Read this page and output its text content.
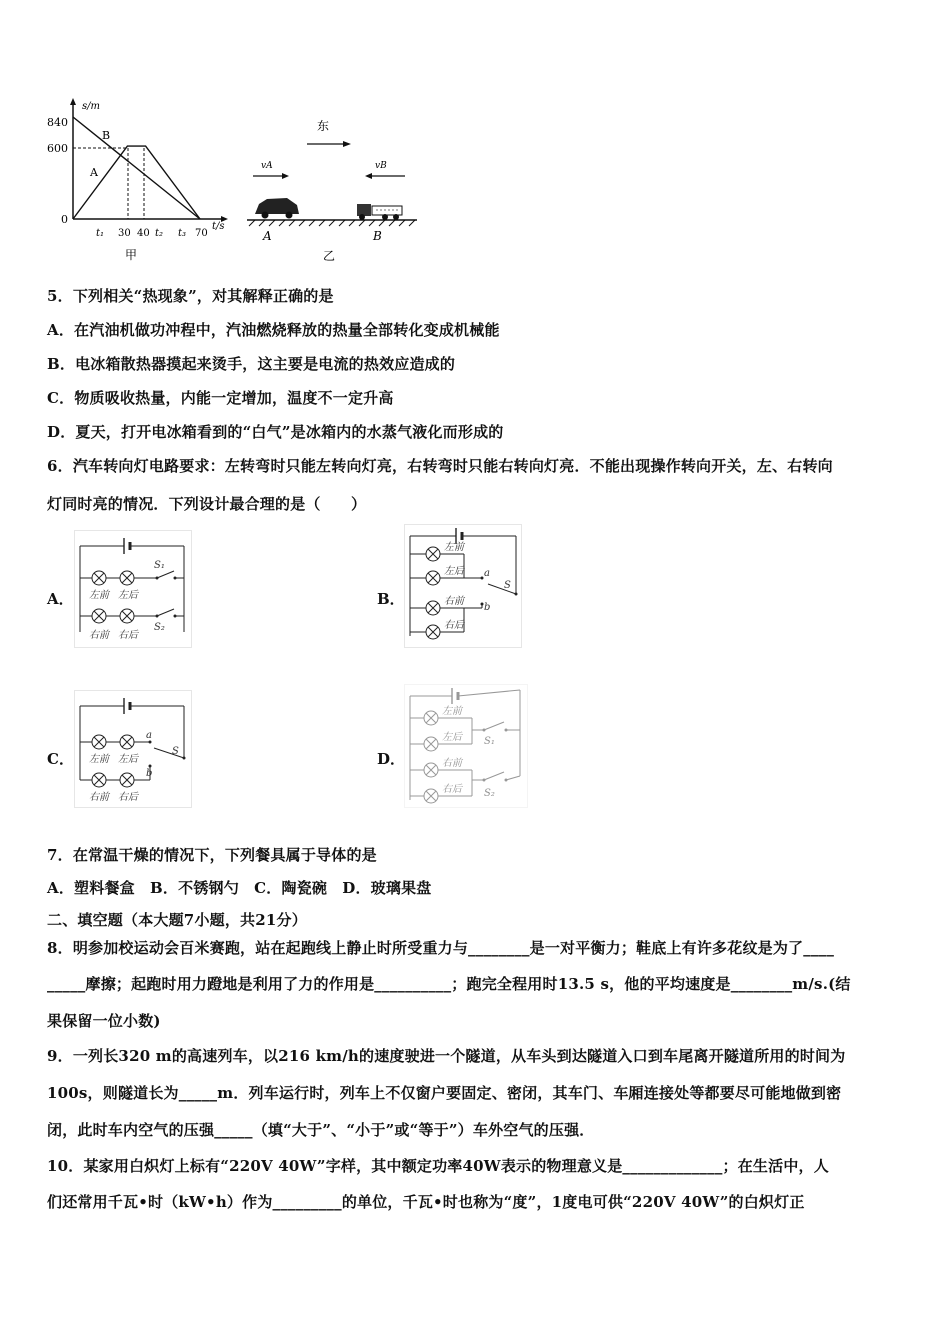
s/m
t/s
840
600
0
B
A
t₁ 30 40 t₂ t₃ 70
甲
东
vA	vB
A	B
乙
5．下列相关“热现象”，对其解释正确的是
A．在汽油机做功冲程中，汽油燃烧释放的热量全部转化变成机械能
B．电冰箱散热器摸起来烫手，这主要是电流的热效应造成的
C．物质吸收热量，内能一定增加，温度不一定升高
D．夏天，打开电冰箱看到的“白气”是冰箱内的水蒸气液化而形成的
6．汽车转向灯电路要求：左转弯时只能左转向灯亮，右转弯时只能右转向灯亮．不能出现操作转向开关，左、右转向
灯同时亮的情况．下列设计最合理的是（　　）
A．	B．
C．	D．
左前 左后
S₁
右前 右后
S₂
左前
左后 a
S
右前
右后
b
a
左前 左后
S
b
右前 右后
左前
左后 S₁
右前
右后 S₂
7．在常温干燥的情况下，下列餐具属于导体的是
A．塑料餐盒　B．不锈钢勺　C．陶瓷碗　D．玻璃果盘
二、填空题（本大题7小题，共21分）
8．明参加校运动会百米赛跑，站在起跑线上静止时所受重力与________是一对平衡力；鞋底上有许多花纹是为了____
_____摩擦；起跑时用力蹬地是利用了力的作用是__________；跑完全程用时13.5 s，他的平均速度是________m/s.(结
果保留一位小数)
9．一列长320 m的高速列车，以216 km/h的速度驶进一个隧道，从车头到达隧道入口到车尾离开隧道所用的时间为
100s，则隧道长为_____m．列车运行时，列车上不仅窗户要固定、密闭，其车门、车厢连接处等都要尽可能地做到密
闭，此时车内空气的压强_____（填“大于”、“小于”或“等于”）车外空气的压强．
10．某家用白炽灯上标有“220V 40W”字样，其中额定功率40W表示的物理意义是_____________；在生活中，人
们还常用千瓦•时（kW•h）作为_________的单位，千瓦•时也称为“度”，1度电可供“220V 40W”的白炽灯正
